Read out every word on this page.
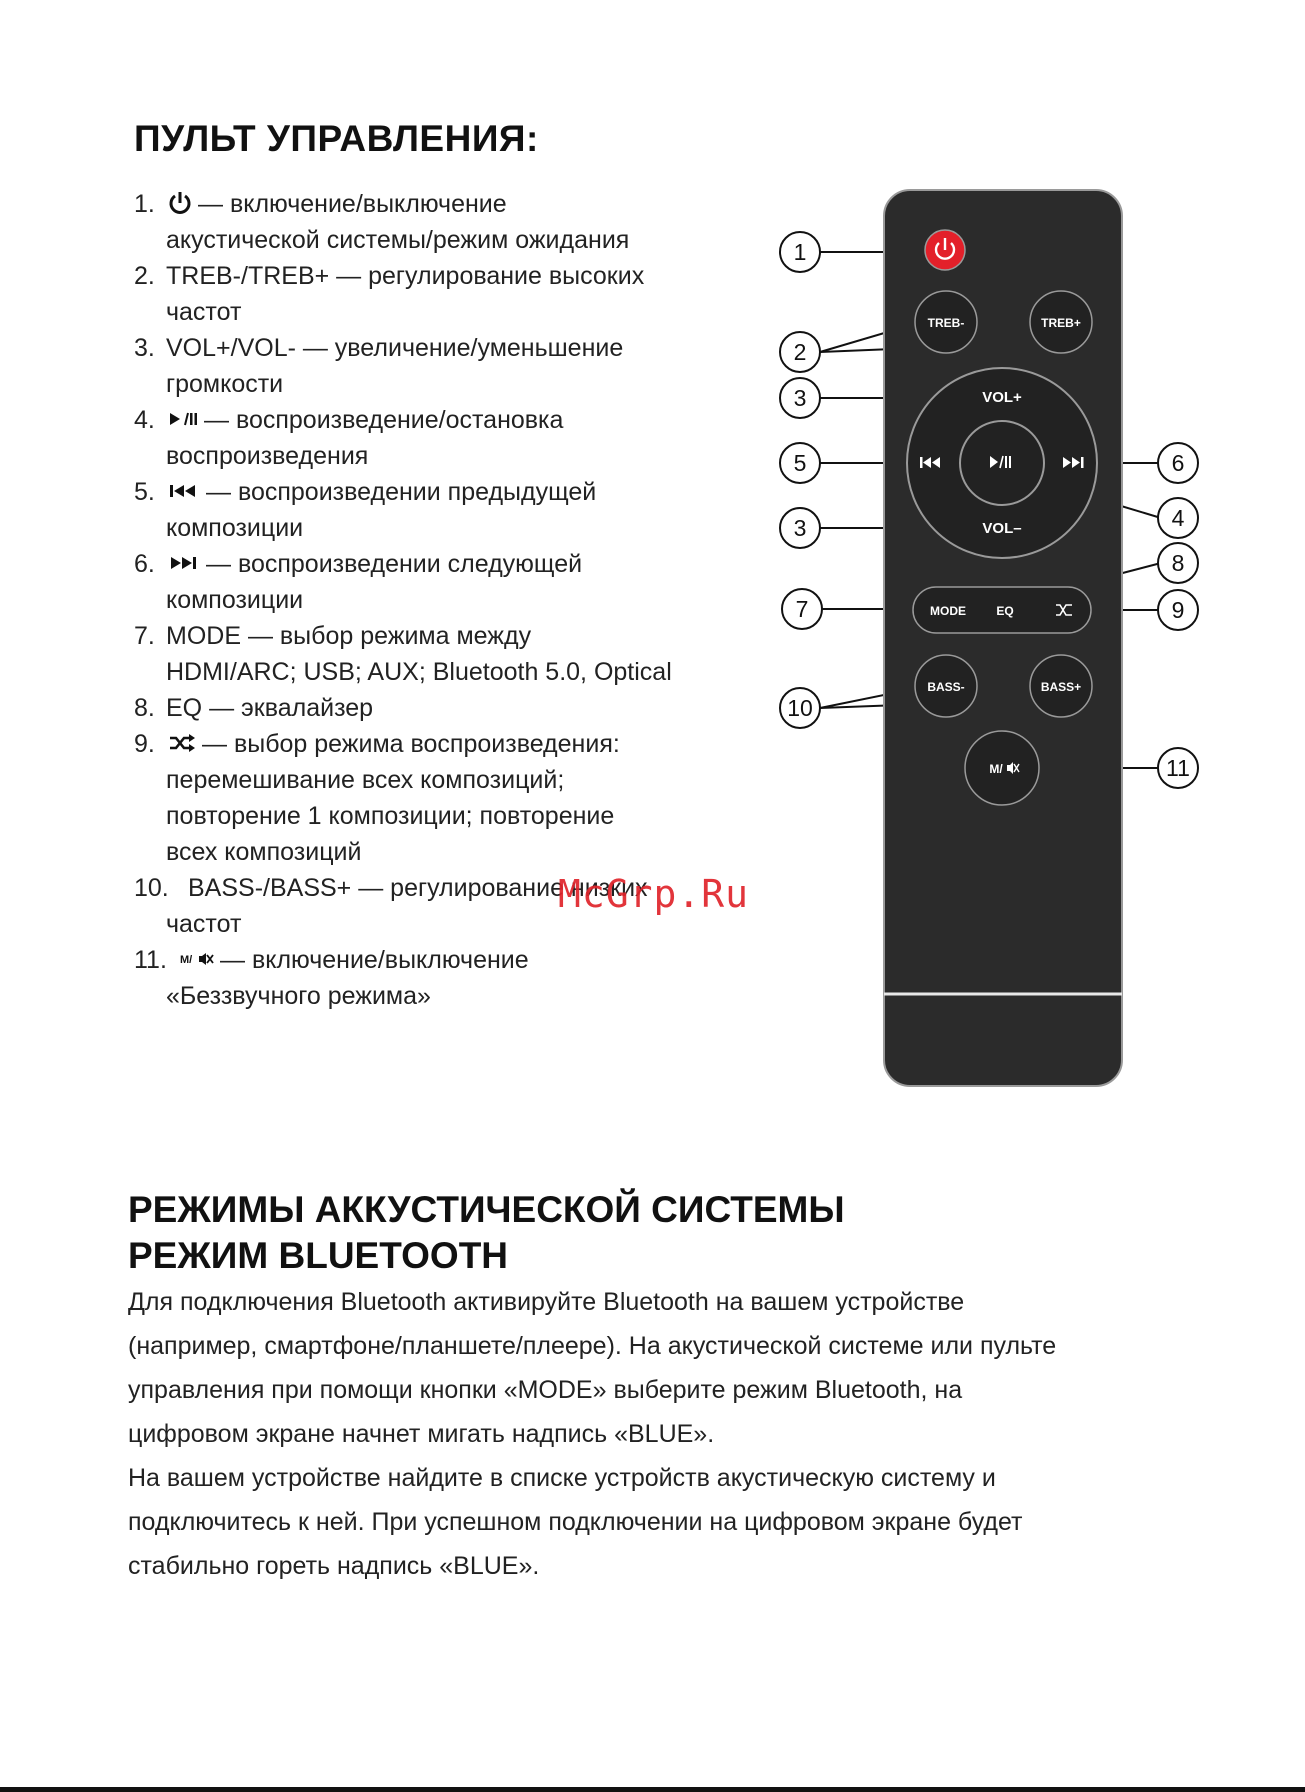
ПУЛЬТ УПРАВЛЕНИЯ:
1. — включение/выключение
акустической системы/режим ожидания
2. TREB-/TREB+ — регулирование высоких
частот
3. VOL+/VOL- — увеличение/уменьшение
громкости
4. — воспроизведение/остановка
воспроизведения
5. — воспроизведении предыдущей
композиции
6. — воспроизведении следующей
композиции
7. MODE — выбор режима между
HDMI/ARC; USB; AUX; Bluetooth 5.0, Optical
8. EQ — эквалайзер
9. — выбор режима воспроизведения:
перемешивание всех композиций;
повторение 1 композиции; повторение
всех композиций
10. BASS-/BASS+ — регулирование низких
частот
11. M/ — включение/выключение
«Беззвучного режима»
TREB-	TREB+
VOL+
VOL–
MODE	EQ
BASS-	BASS+
M/
1
2
3
5
3
7
10
6
4
8
9
11
McGrp.Ru
РЕЖИМЫ АККУСТИЧЕСКОЙ СИСТЕМЫ
РЕЖИМ BLUETOOTH

Для подключения Bluetooth активируйте Bluetooth на вашем устройстве
(например, смартфоне/планшете/плеере). На акустической системе или пульте
управления при помощи кнопки «MODE» выберите режим Bluetooth, на
цифровом экране начнет мигать надпись «BLUE».

На вашем устройстве найдите в списке устройств акустическую систему и
подключитесь к ней. При успешном подключении на цифровом экране будет
стабильно гореть надпись «BLUE».
